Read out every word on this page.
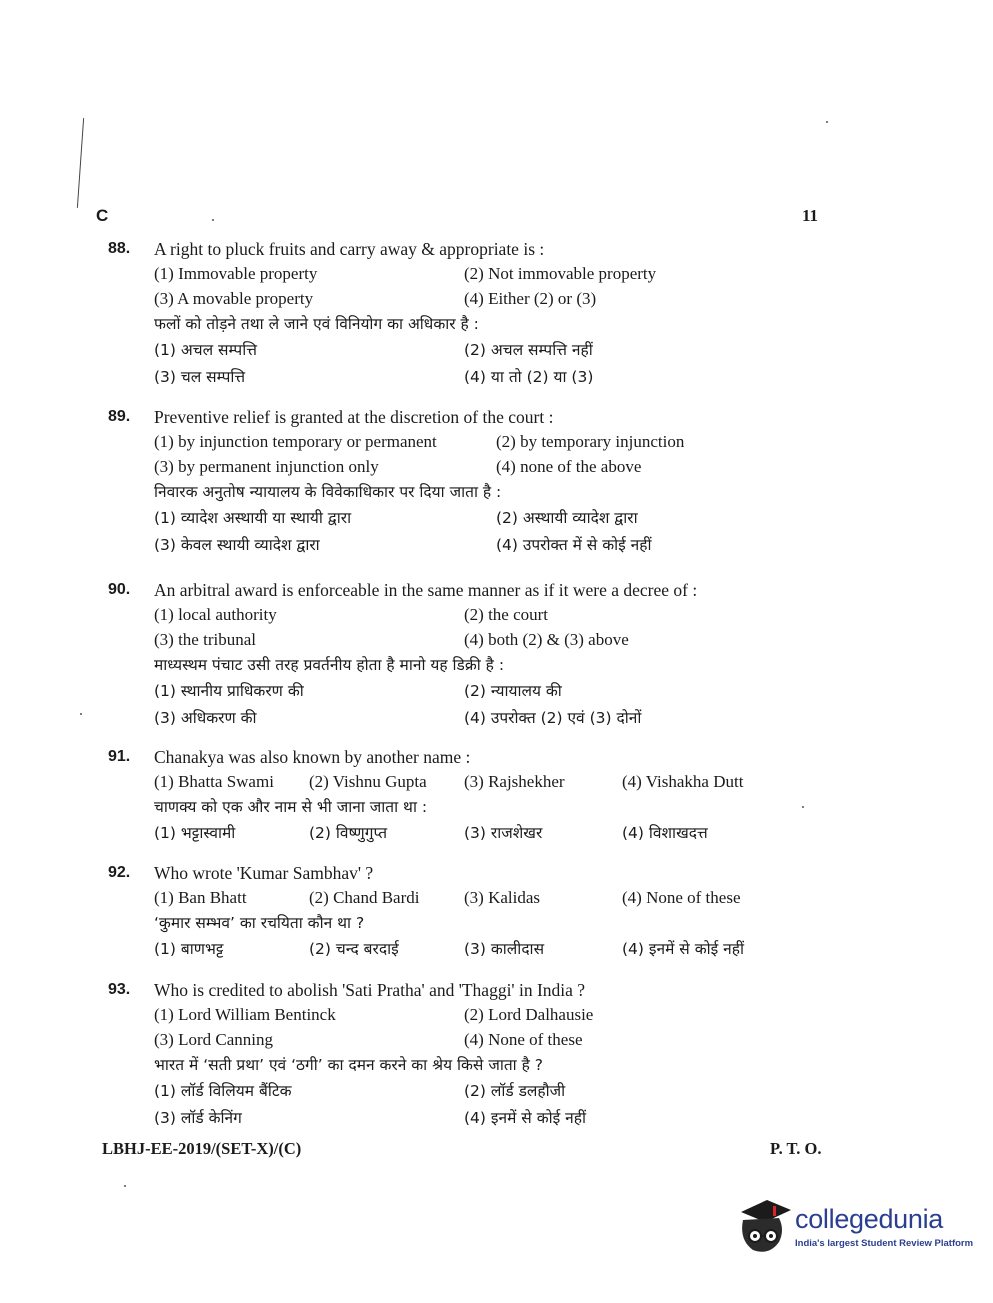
C	11
88.	A right to pluck fruits and carry away & appropriate is :
(1) Immovable property	(2) Not immovable property
(3) A movable property	(4) Either (2) or (3)
फलों को तोड़ने तथा ले जाने एवं विनियोग का अधिकार है :
(1) अचल सम्पत्ति	(2) अचल सम्पत्ति नहीं
(3) चल सम्पत्ति	(4) या तो (2) या (3)
89.	Preventive relief is granted at the discretion of the court :
(1) by injunction temporary or permanent	(2) by temporary injunction
(3) by permanent injunction only	(4) none of the above
निवारक अनुतोष न्यायालय के विवेकाधिकार पर दिया जाता है :
(1) व्यादेश अस्थायी या स्थायी द्वारा	(2) अस्थायी व्यादेश द्वारा
(3) केवल स्थायी व्यादेश द्वारा	(4) उपरोक्त में से कोई नहीं
90.	An arbitral award is enforceable in the same manner as if it were a decree of :
(1) local authority	(2) the court
(3) the tribunal	(4) both (2) & (3) above
माध्यस्थम पंचाट उसी तरह प्रवर्तनीय होता है मानो यह डिक्री है :
(1) स्थानीय प्राधिकरण की	(2) न्यायालय की
(3) अधिकरण की	(4) उपरोक्त (2) एवं (3) दोनों
91.	Chanakya was also known by another name :
(1) Bhatta Swami	(2) Vishnu Gupta	(3) Rajshekher	(4) Vishakha Dutt
चाणक्य को एक और नाम से भी जाना जाता था :
(1) भट्टास्वामी	(2) विष्णुगुप्त	(3) राजशेखर	(4) विशाखदत्त
92.	Who wrote 'Kumar Sambhav' ?
(1) Ban Bhatt	(2) Chand Bardi	(3) Kalidas	(4) None of these
‘कुमार सम्भव’ का रचयिता कौन था ?
(1) बाणभट्ट	(2) चन्द बरदाई	(3) कालीदास	(4) इनमें से कोई नहीं
93.	Who is credited to abolish 'Sati Pratha' and 'Thaggi' in India ?
(1) Lord William Bentinck	(2) Lord Dalhausie
(3) Lord Canning	(4) None of these
भारत में ‘सती प्रथा’ एवं ‘ठगी’ का दमन करने का श्रेय किसे जाता है ?
(1) लॉर्ड विलियम बैंटिक	(2) लॉर्ड डलहौजी
(3) लॉर्ड केनिंग	(4) इनमें से कोई नहीं
LBHJ-EE-2019/(SET-X)/(C)	P. T. O.
collegedunia
India's largest Student Review Platform
